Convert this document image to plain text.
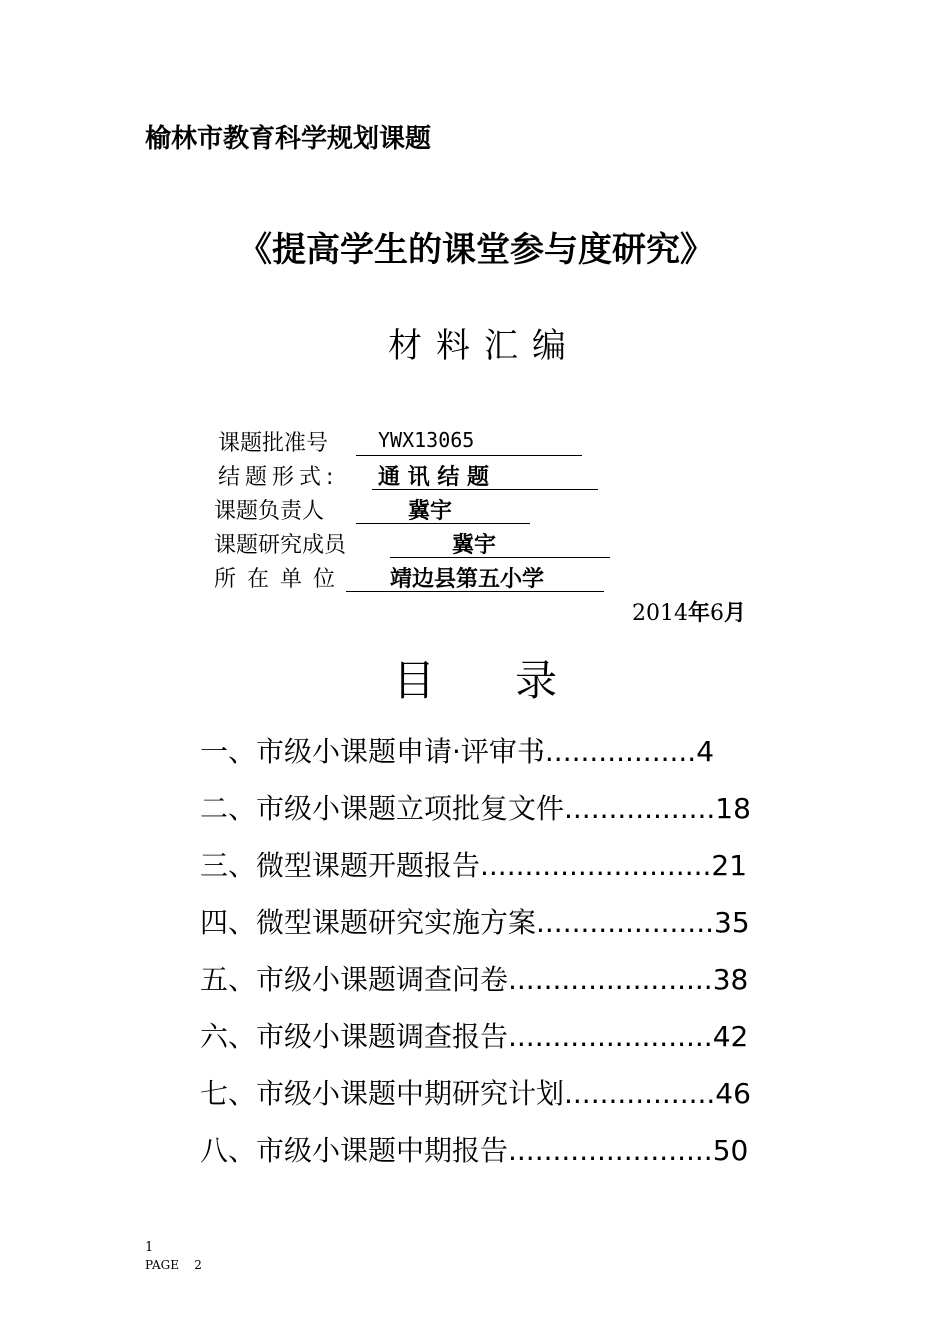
榆林市教育科学规划课题
《提高学生的课堂参与度研究》
材料汇编
课题批准号 YWX13065
结题形式: 通 讯 结 题
课题负责人	冀宇
课题研究成员	冀宇
所 在 单 位 靖边县第五小学
2014年6月
目      录
一、市级小课题申请·评审书.................4
二、市级小课题立项批复文件.................18
三、微型课题开题报告..........................21
四、微型课题研究实施方案....................35
五、市级小课题调查问卷.......................38
六、市级小课题调查报告.......................42
七、市级小课题中期研究计划.................46
八、市级小课题中期报告.......................50
1
PAGE 2
